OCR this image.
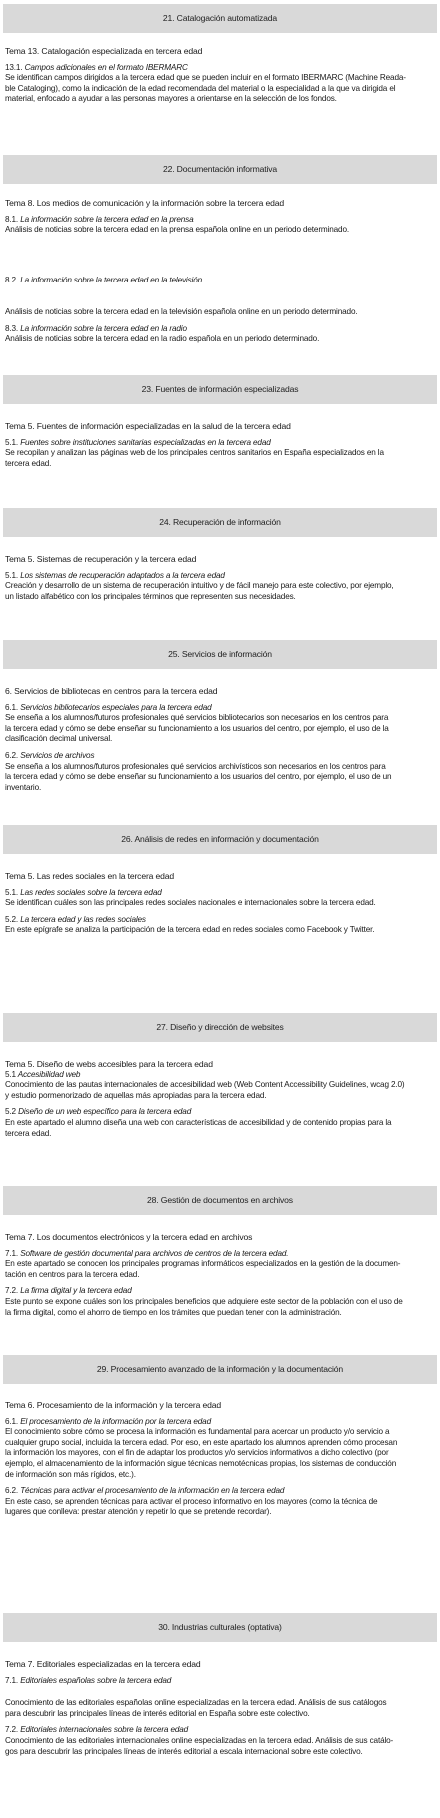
21. Catalogación automatizada

Tema 13. Catalogación especializada en tercera edad

13.1. Campos adicionales en el formato IBERMARC

Se identifican campos dirigidos a la tercera edad que se pueden incluir en el formato IBERMARC (Machine Reada-

ble Cataloging), como la indicación de la edad recomendada del material o la especialidad a la que va dirigida el

material, enfocado a ayudar a las personas mayores a orientarse en la selección de los fondos.

22. Documentación informativa

Tema 8. Los medios de comunicación y la información sobre la tercera edad

8.1. La información sobre la tercera edad en la prensa

Análisis de noticias sobre la tercera edad en la prensa española online en un periodo determinado.

8.2. La información sobre la tercera edad en la televisión

Análisis de noticias sobre la tercera edad en la televisión española online en un periodo determinado.

8.3. La información sobre la tercera edad en la radio

Análisis de noticias sobre la tercera edad en la radio española en un periodo determinado.

23. Fuentes de información especializadas

Tema 5. Fuentes de información especializadas en la salud de la tercera edad

5.1. Fuentes sobre instituciones sanitarias especializadas en la tercera edad

Se recopilan y analizan las páginas web de los principales centros sanitarios en España especializados en la

tercera edad.

24. Recuperación de información

Tema 5. Sistemas de recuperación y la tercera edad

5.1. Los sistemas de recuperación adaptados a la tercera edad

Creación y desarrollo de un sistema de recuperación intuitivo y de fácil manejo para este colectivo, por ejemplo,

un listado alfabético con los principales términos que representen sus necesidades.

25. Servicios de información

6. Servicios de bibliotecas en centros para la tercera edad

6.1. Servicios bibliotecarios especiales para la tercera edad

Se enseña a los alumnos/futuros profesionales qué servicios bibliotecarios son necesarios en los centros para

la tercera edad y cómo se debe enseñar su funcionamiento a los usuarios del centro, por ejemplo, el uso de la

clasificación decimal universal.

6.2. Servicios de archivos

Se enseña a los alumnos/futuros profesionales qué servicios archivísticos son necesarios en los centros para

la tercera edad y cómo se debe enseñar su funcionamiento a los usuarios del centro, por ejemplo, el uso de un

inventario.

26. Análisis de redes en información y documentación

Tema 5. Las redes sociales en la tercera edad

5.1. Las redes sociales sobre la tercera edad

Se identifican cuáles son las principales redes sociales nacionales e internacionales sobre la tercera edad.

5.2. La tercera edad y las redes sociales

En este epígrafe se analiza la participación de la tercera edad en redes sociales como Facebook y Twitter.

27. Diseño y dirección de websites

Tema 5. Diseño de webs accesibles para la tercera edad

5.1 Accesibilidad web

Conocimiento de las pautas internacionales de accesibilidad web (Web Content Accessibility Guidelines, wcag 2.0)

y estudio pormenorizado de aquellas más apropiadas para la tercera edad.

5.2 Diseño de un web específico para la tercera edad

En este apartado el alumno diseña una web con características de accesibilidad y de contenido propias para la

tercera edad.

28. Gestión de documentos en archivos

Tema 7. Los documentos electrónicos y la tercera edad en archivos

7.1. Software de gestión documental para archivos de centros de la tercera edad.

En este apartado se conocen los principales programas informáticos especializados en la gestión de la documen-

tación en centros para la tercera edad.

7.2. La firma digital y la tercera edad

Este punto se expone cuáles son los principales beneficios que adquiere este sector de la población con el uso de

la firma digital, como el ahorro de tiempo en los trámites que puedan tener con la administración.

29. Procesamiento avanzado de la información y la documentación

Tema 6. Procesamiento de la información y la tercera edad

6.1. El procesamiento de la información por la tercera edad

El conocimiento sobre cómo se procesa la información es fundamental para acercar un producto y/o servicio a

cualquier grupo social, incluida la tercera edad. Por eso, en este apartado los alumnos aprenden cómo procesan

la información los mayores, con el fin de adaptar los productos y/o servicios informativos a dicho colectivo (por

ejemplo, el almacenamiento de la información sigue técnicas nemotécnicas propias, los sistemas de conducción

de información son más rígidos, etc.).

6.2. Técnicas para activar el procesamiento de la información en la tercera edad

En este caso, se aprenden técnicas para activar el proceso informativo en los mayores (como la técnica de

lugares que conlleva: prestar atención y repetir lo que se pretende recordar).

30. Industrias culturales (optativa)

Tema 7. Editoriales especializadas en la tercera edad

7.1. Editoriales españolas sobre la tercera edad

Conocimiento de las editoriales españolas online especializadas en la tercera edad. Análisis de sus catálogos

para descubrir las principales líneas de interés editorial en España sobre este colectivo.

7.2. Editoriales internacionales sobre la tercera edad

Conocimiento de las editoriales internacionales online especializadas en la tercera edad. Análisis de sus catálo-

gos para descubrir las principales líneas de interés editorial a escala internacional sobre este colectivo.
